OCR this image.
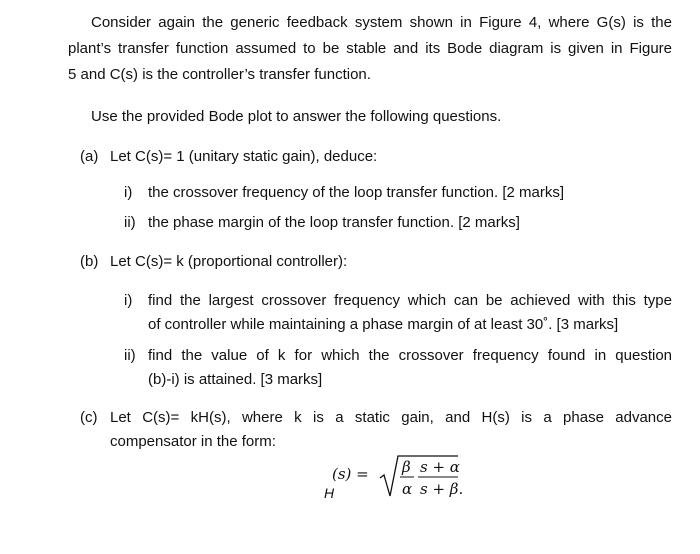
Consider again the generic feedback system shown in Figure 4, where G(s) is the
plant’s transfer function assumed to be stable and its Bode diagram is given in Figure
5 and C(s) is the controller’s transfer function.
Use the provided Bode plot to answer the following questions.
(a) Let C(s)= 1 (unitary static gain), deduce:
i) the crossover frequency of the loop transfer function. [2 marks]
ii) the phase margin of the loop transfer function. [2 marks]
(b) Let C(s)= k (proportional controller):
i) find the largest crossover frequency which can be achieved with this type
of controller while maintaining a phase margin of at least 30˚. [3 marks]
ii) find the value of k for which the crossover frequency found in question
(b)-i) is attained. [3 marks]
(c) Let C(s)= kH(s), where k is a static gain, and H(s) is a phase advance
compensator in the form:
(s) =
H
β
α
s + α
s + β.
